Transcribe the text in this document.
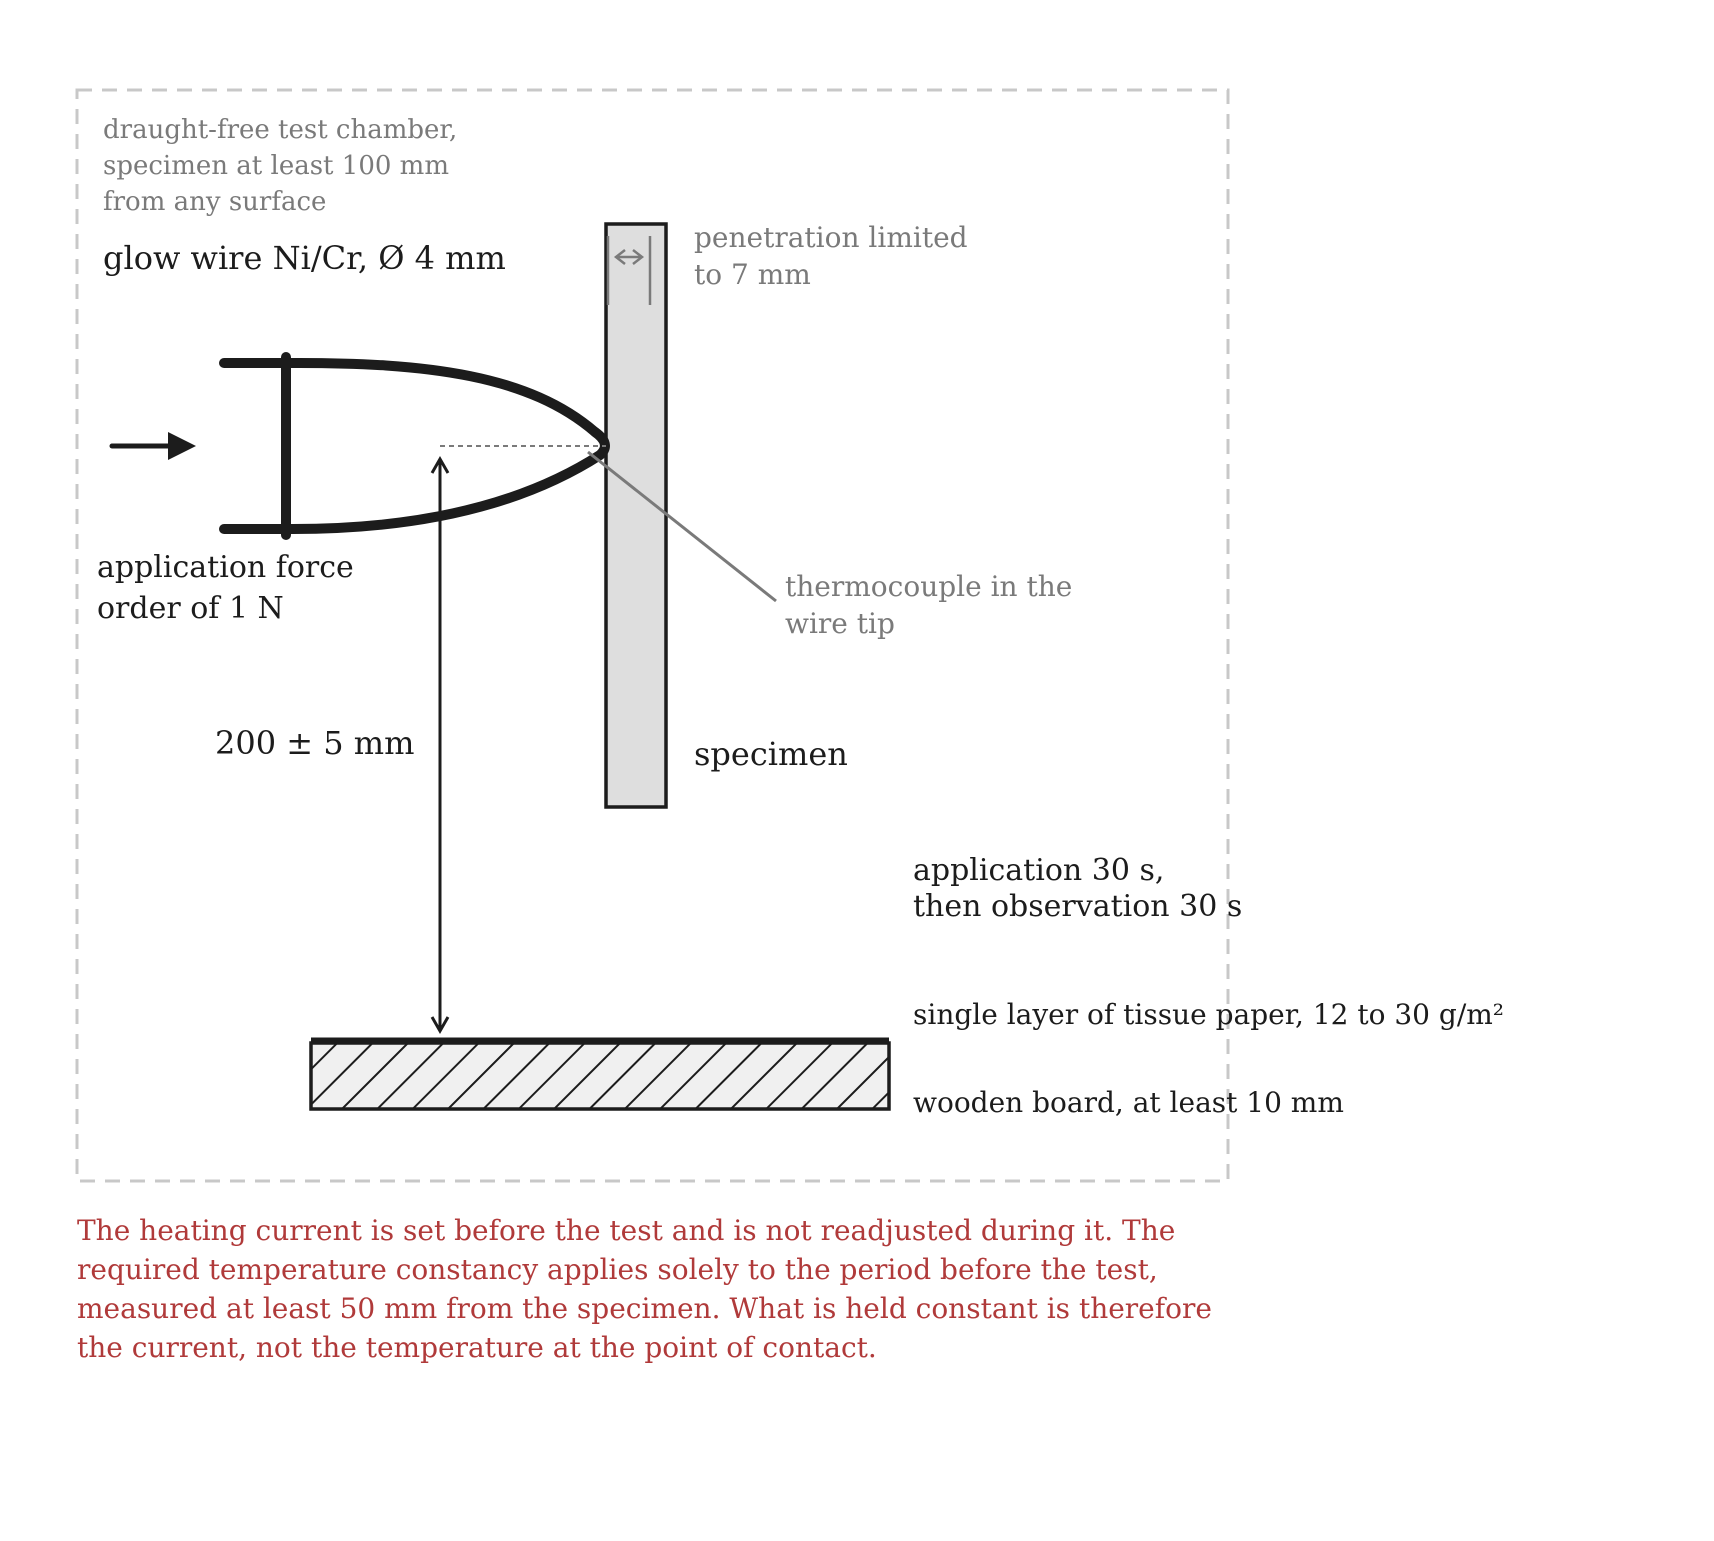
draught-free test chamber, specimen at least 100 mm from any surface
glow wire Ni/Cr, Ø 4 mm
penetration limited to 7 mm
application force order of 1 N
thermocouple in the wire tip
200 ± 5 mm	specimen
application 30 s, then observation 30 s
single layer of tissue paper, 12 to 30 g/m²
wooden board, at least 10 mm
The heating current is set before the test and is not readjusted during it. The required temperature constancy applies solely to the period before the test, measured at least 50 mm from the specimen. What is held constant is therefore the current, not the temperature at the point of contact.
